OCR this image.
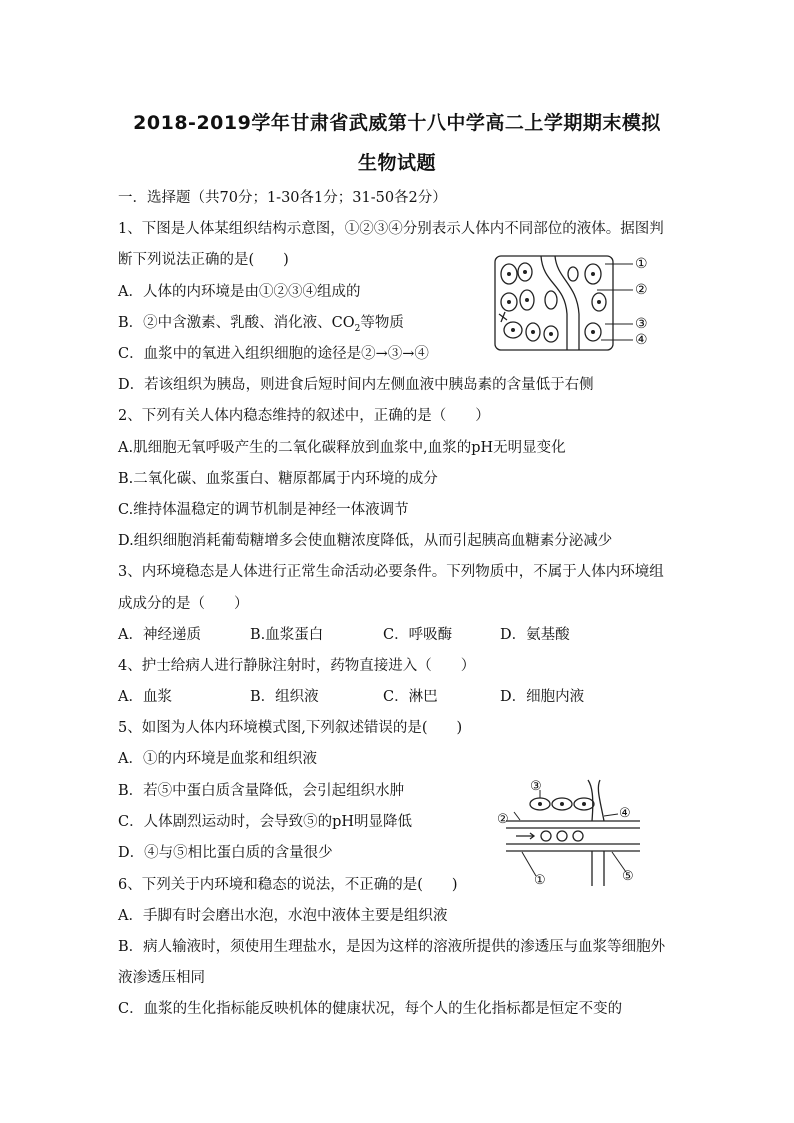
2018-2019学年甘肃省武威第十八中学高二上学期期末模拟
生物试题
一．选择题（共70分；1-30各1分；31-50各2分）
1、下图是人体某组织结构示意图，①②③④分别表示人体内不同部位的液体。据图判
断下列说法正确的是(　　)
A．人体的内环境是由①②③④组成的
B．②中含激素、乳酸、消化液、$CO_2$等物质
C．血浆中的氧进入组织细胞的途径是②→③→④
D．若该组织为胰岛，则进食后短时间内左侧血液中胰岛素的含量低于右侧
①
②
③
④
2、下列有关人体内稳态维持的叙述中，正确的是（　　）
A.肌细胞无氧呼吸产生的二氧化碳释放到血浆中,血浆的pH无明显变化
B.二氧化碳、血浆蛋白、糖原都属于内环境的成分
C.维持体温稳定的调节机制是神经一体液调节
D.组织细胞消耗葡萄糖增多会使血糖浓度降低，从而引起胰高血糖素分泌减少
3、内环境稳态是人体进行正常生命活动必要条件。下列物质中，不属于人体内环境组
成成分的是（　　）
A．神经递质	B.血浆蛋白	C．呼吸酶	D．氨基酸
4、护士给病人进行静脉注射时，药物直接进入（　　）
A．血浆	B．组织液	C．淋巴	D．细胞内液
5、如图为人体内环境模式图,下列叙述错误的是(　　)
A．①的内环境是血浆和组织液
B．若⑤中蛋白质含量降低，会引起组织水肿
C．人体剧烈运动时，会导致⑤的pH明显降低
D．④与⑤相比蛋白质的含量很少
③
②	④
①	⑤
6、下列关于内环境和稳态的说法，不正确的是(　　)
A．手脚有时会磨出水泡，水泡中液体主要是组织液
B．病人输液时，须使用生理盐水，是因为这样的溶液所提供的渗透压与血浆等细胞外
液渗透压相同
C．血浆的生化指标能反映机体的健康状况，每个人的生化指标都是恒定不变的
